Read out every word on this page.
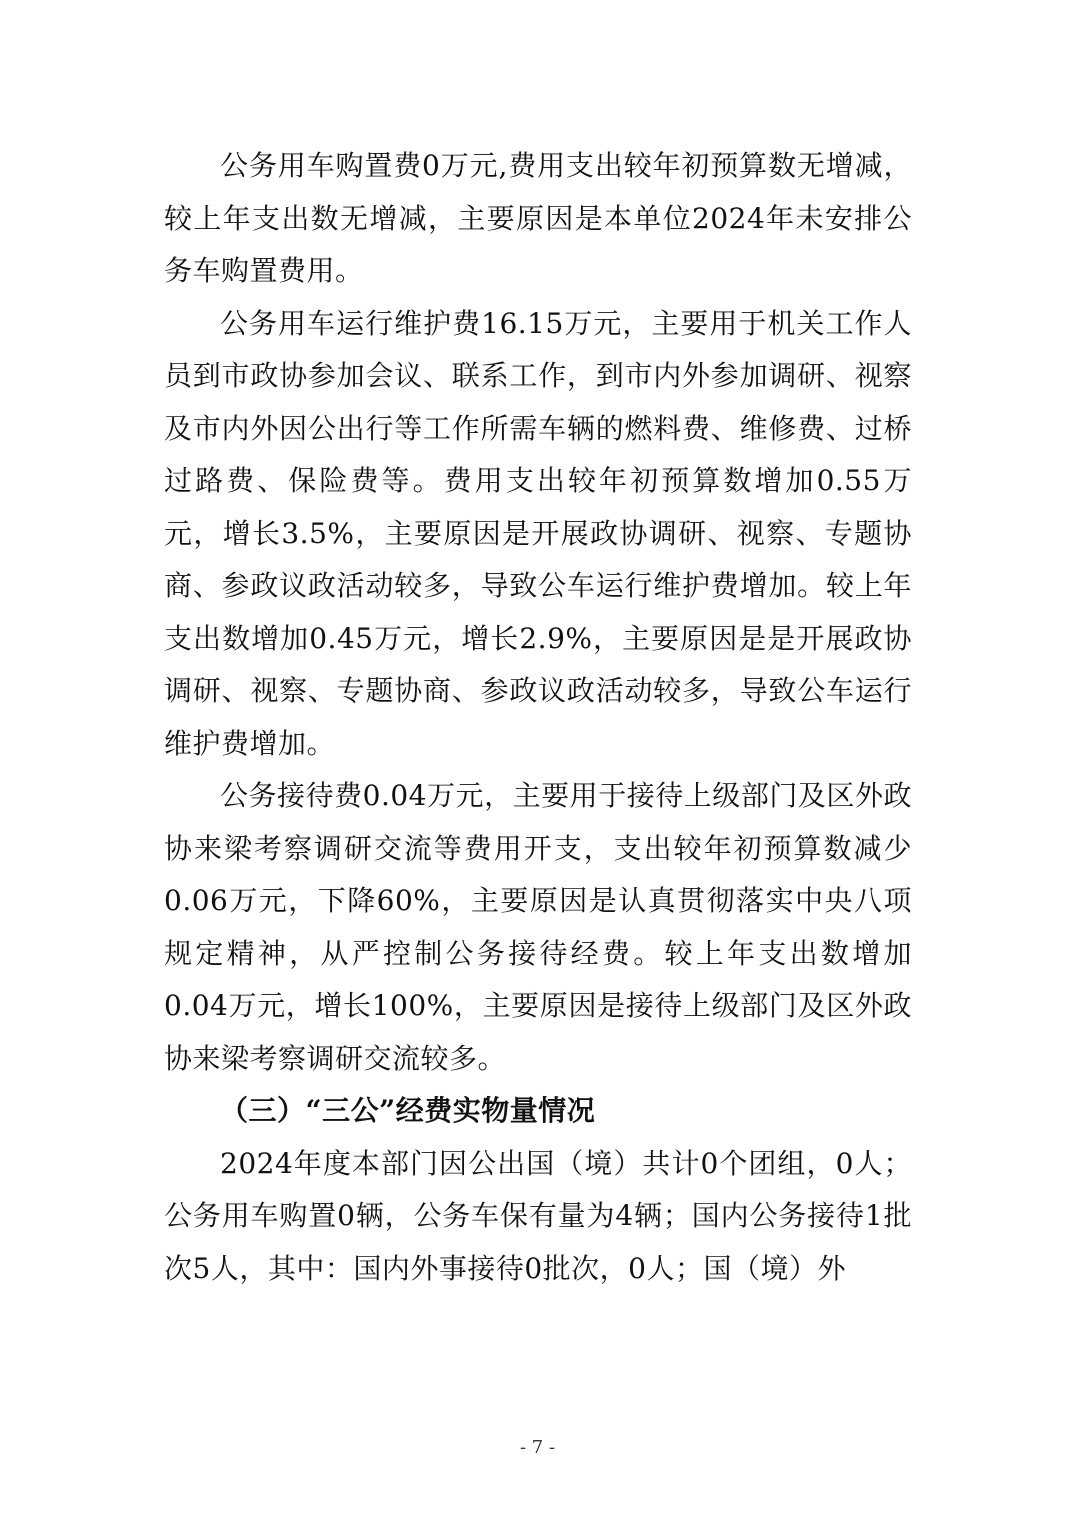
公务用车购置费0万元,费用支出较年初预算数无增减，较上年支出数无增减，主要原因是本单位2024年未安排公务车购置费用。

公务用车运行维护费16.15万元，主要用于机关工作人员到市政协参加会议、联系工作，到市内外参加调研、视察及市内外因公出行等工作所需车辆的燃料费、维修费、过桥过路费、保险费等。费用支出较年初预算数增加0.55万元，增长3.5%，主要原因是开展政协调研、视察、专题协商、参政议政活动较多，导致公车运行维护费增加。较上年支出数增加0.45万元，增长2.9%，主要原因是是开展政协调研、视察、专题协商、参政议政活动较多，导致公车运行维护费增加。

公务接待费0.04万元，主要用于接待上级部门及区外政协来梁考察调研交流等费用开支，支出较年初预算数减少0.06万元，下降60%，主要原因是认真贯彻落实中央八项规定精神，从严控制公务接待经费。较上年支出数增加0.04万元，增长100%，主要原因是接待上级部门及区外政协来梁考察调研交流较多。

（三）“三公”经费实物量情况

2024年度本部门因公出国（境）共计0个团组，0人；公务用车购置0辆，公务车保有量为4辆；国内公务接待1批次5人，其中：国内外事接待0批次，0人；国（境）外

- 7 -
